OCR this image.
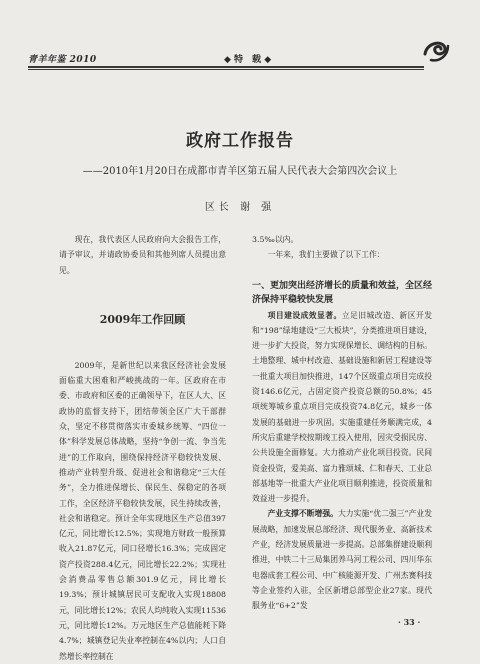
青羊年鉴 2010	◆ 特　载 ◆
政府工作报告
——2010年1月20日在成都市青羊区第五届人民代表大会第四次会议上
区长 谢 强

现在，我代表区人民政府向大会报告工作，请予审议，并请政协委员和其他列席人员提出意见。

2009年工作回顾

2009年，是新世纪以来我区经济社会发展面临重大困难和严峻挑战的一年。区政府在市委、市政府和区委的正确领导下，在区人大、区政协的监督支持下，团结带领全区广大干部群众，坚定不移贯彻落实市委城乡统筹、“四位一体”科学发展总体战略，坚持“争创一流、争当先进”的工作取向，围绕保持经济平稳较快发展、推动产业转型升级、促进社会和谐稳定“三大任务”，全力推进保增长、保民生、保稳定的各项工作，全区经济平稳较快发展，民生持续改善，社会和谐稳定。预计全年实现地区生产总值397亿元，同比增长12.5%；实现地方财政一般预算收入21.87亿元，同口径增长16.3%；完成固定资产投资288.4亿元，同比增长22.2%；实现社会消费品零售总额301.9亿元，同比增长19.3%；预计城镇居民可支配收入实现18808元，同比增长12%；农民人均纯收入实现11536元，同比增长12%。万元地区生产总值能耗下降4.7%；城镇登记失业率控制在4%以内；人口自然增长率控制在

3.5‰以内。

一年来，我们主要做了以下工作：

一、更加突出经济增长的质量和效益，全区经济保持平稳较快发展

项目建设成效显著。立足旧城改造、新区开发和“198”绿地建设“三大板块”，分类推进项目建设，进一步扩大投资，努力实现保增长、调结构的目标。土地整理、城中村改造、基础设施和新居工程建设等一批重大项目加快推进，147个区级重点项目完成投资146.6亿元，占固定资产投资总额的50.8%；45项统筹城乡重点项目完成投资74.8亿元，城乡一体发展的基础进一步巩固。实施重建任务顺满完成，4所灾后重建学校按期竣工投入使用，因灾受损民房、公共设施全面修复。大力推动产业化项目投资。民间资金投资，爱美高、富力雅颂城、仁和春天、工业总部基地等一批重大产业化项目顺利推进，投资质量和效益进一步提升。

产业支撑不断增强。大力实施“优二强三”产业发展战略，加速发展总部经济、现代服务业、高新技术产业，经济发展质量进一步提高。总部集群建设顺利推进，中铁二十三局集团养马河工程公司、四川华东电器成套工程公司、中广核能源开发、广州杰赛科技等企业签约入驻，全区新增总部型企业27家。现代服务业“6+2”发

· 33 ·
